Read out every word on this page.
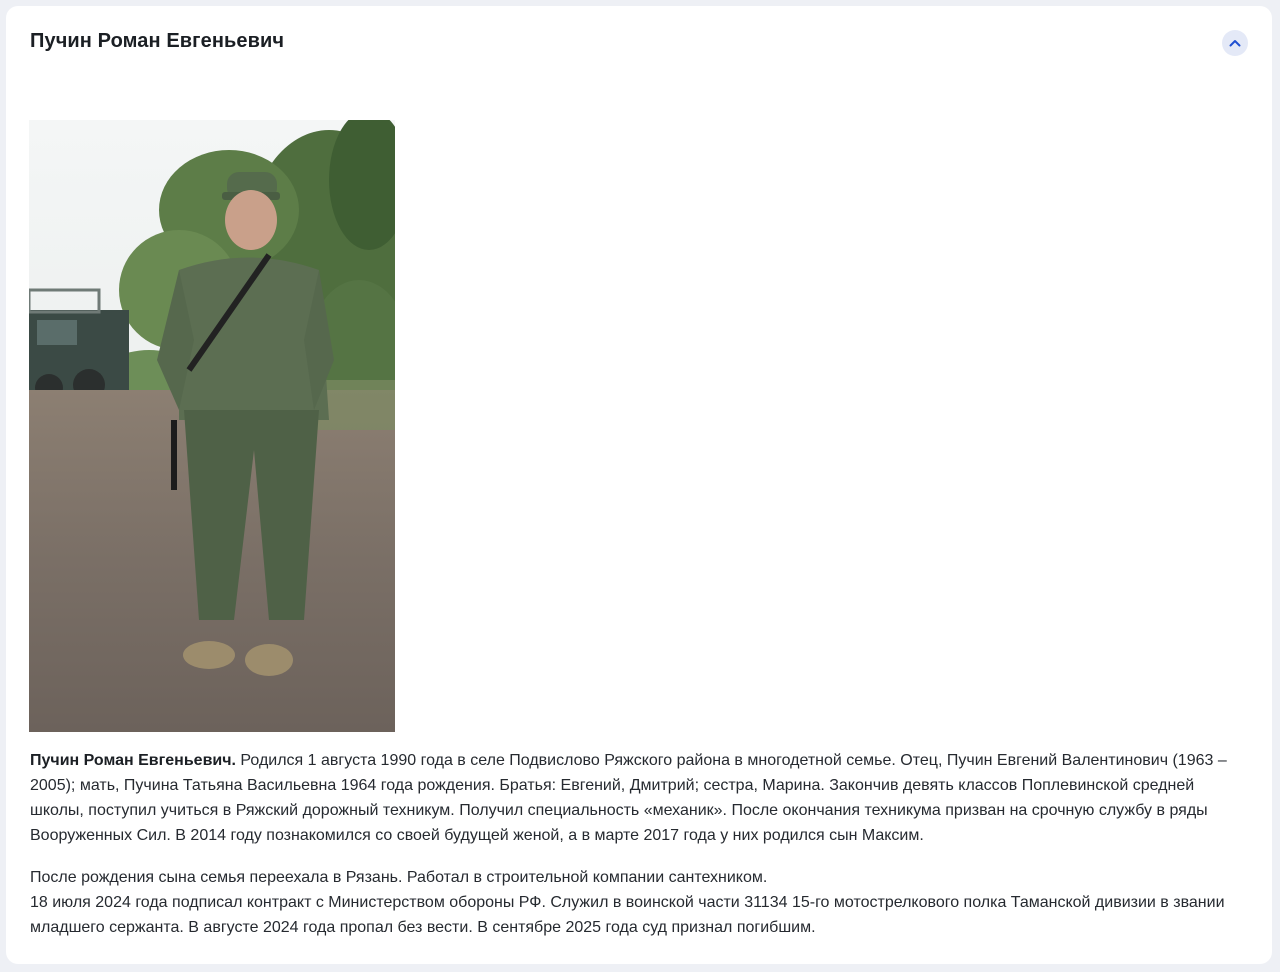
Пучин Роман Евгеньевич

Пучин Роман Евгеньевич. Родился 1 августа 1990 года в селе Подвислово Ряжского района в многодетной семье. Отец, Пучин Евгений Валентинович (1963 – 2005); мать, Пучина Татьяна Васильевна 1964 года рождения. Братья: Евгений, Дмитрий; сестра, Марина. Закончив девять классов Поплевинской средней школы, поступил учиться в Ряжский дорожный техникум. Получил специальность «механик». После окончания техникума призван на срочную службу в ряды Вооруженных Сил. В 2014 году познакомился со своей будущей женой, а в марте 2017 года у них родился сын Максим.

После рождения сына семья переехала в Рязань. Работал в строительной компании сантехником.
18 июля 2024 года подписал контракт с Министерством обороны РФ. Служил в воинской части 31134 15-го мотострелкового полка Таманской дивизии в звании младшего сержанта. В августе 2024 года пропал без вести. В сентябре 2025 года суд признал погибшим.
